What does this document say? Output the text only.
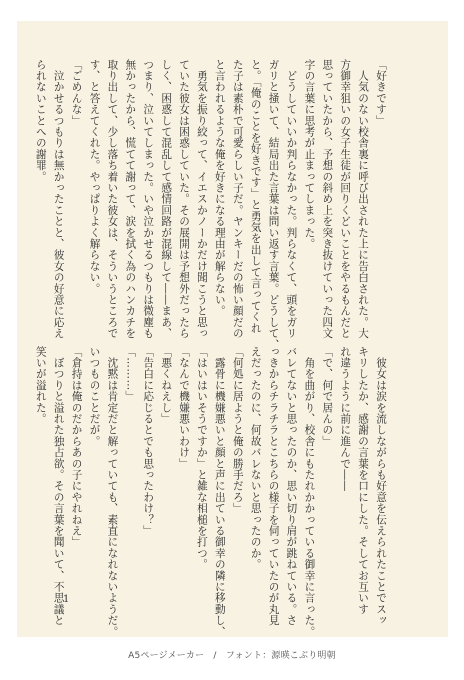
「好きです」
　人気のない校舎裏に呼び出された上に告白された。大
方御幸狙いの女子生徒が回りくどいことをやるもんだと
思っていたから、予想の斜め上を突き抜けていった四文
字の言葉に思考が止まってしまった。
　どうしていいか判らなかった。判らなくて、頭をガリ
ガリと掻いて、結局出た言葉は問い返す言葉。どうして、
と。「俺のことを好きです」と勇気を出して言ってくれ
た子は素朴で可愛らしい子だ。ヤンキーだの怖い顔だの
と言われるような俺を好きになる理由が解らない。
　勇気を振り絞って、イエスかノーかだけ聞こうと思っ
ていた彼女は困惑していた。その展開は予想外だったら
しく、困惑して混乱して感情回路が混線して――まあ、
つまり、泣いてしまった。いや泣かせるつもりは微塵も
無かったから、慌てて謝って、涙を拭く為のハンカチを
取り出して、少し落ち着いた彼女は、そういうところで
す、と答えてくれた。やっぱりよく解らない。
「ごめんな」
　泣かせるつもりは無かったことと、彼女の好意に応え
られないことへの謝罪。
　彼女は涙を流しながらも好意を伝えられたことでスッ
キリしたか、感謝の言葉を口にした。そしてお互いす
れ違うように前に進んで――
「で、何で居んの」
　角を曲がり、校舎にもたれかかっている御幸に言った。
バレてないと思ったのか、思い切り肩が跳ねている。さ
っきからチラチラとこちらの様子を伺っていたのが丸見
えだったのに、何故バレないと思ったのか。
「何処に居ようと俺の勝手だろ」
　露骨に機嫌悪いと顔と声に出ている御幸の隣に移動し、
「はいはいそうですか」と雑な相槌を打つ。
「なんで機嫌悪いわけ」
「悪くねえし」
「告白に応じるとでも思ったわけ？」
「………」
　沈黙は肯定だと解っていても、素直になれないようだ。
いつものことだが。
「倉持は俺のだからあの子にやれねえ」
　ぼつりと溢れた独占欲。その言葉を聞いて、不思議と
笑いが溢れた。
1
A5ページメーカー　/　フォント：源暎こぶり明朝
